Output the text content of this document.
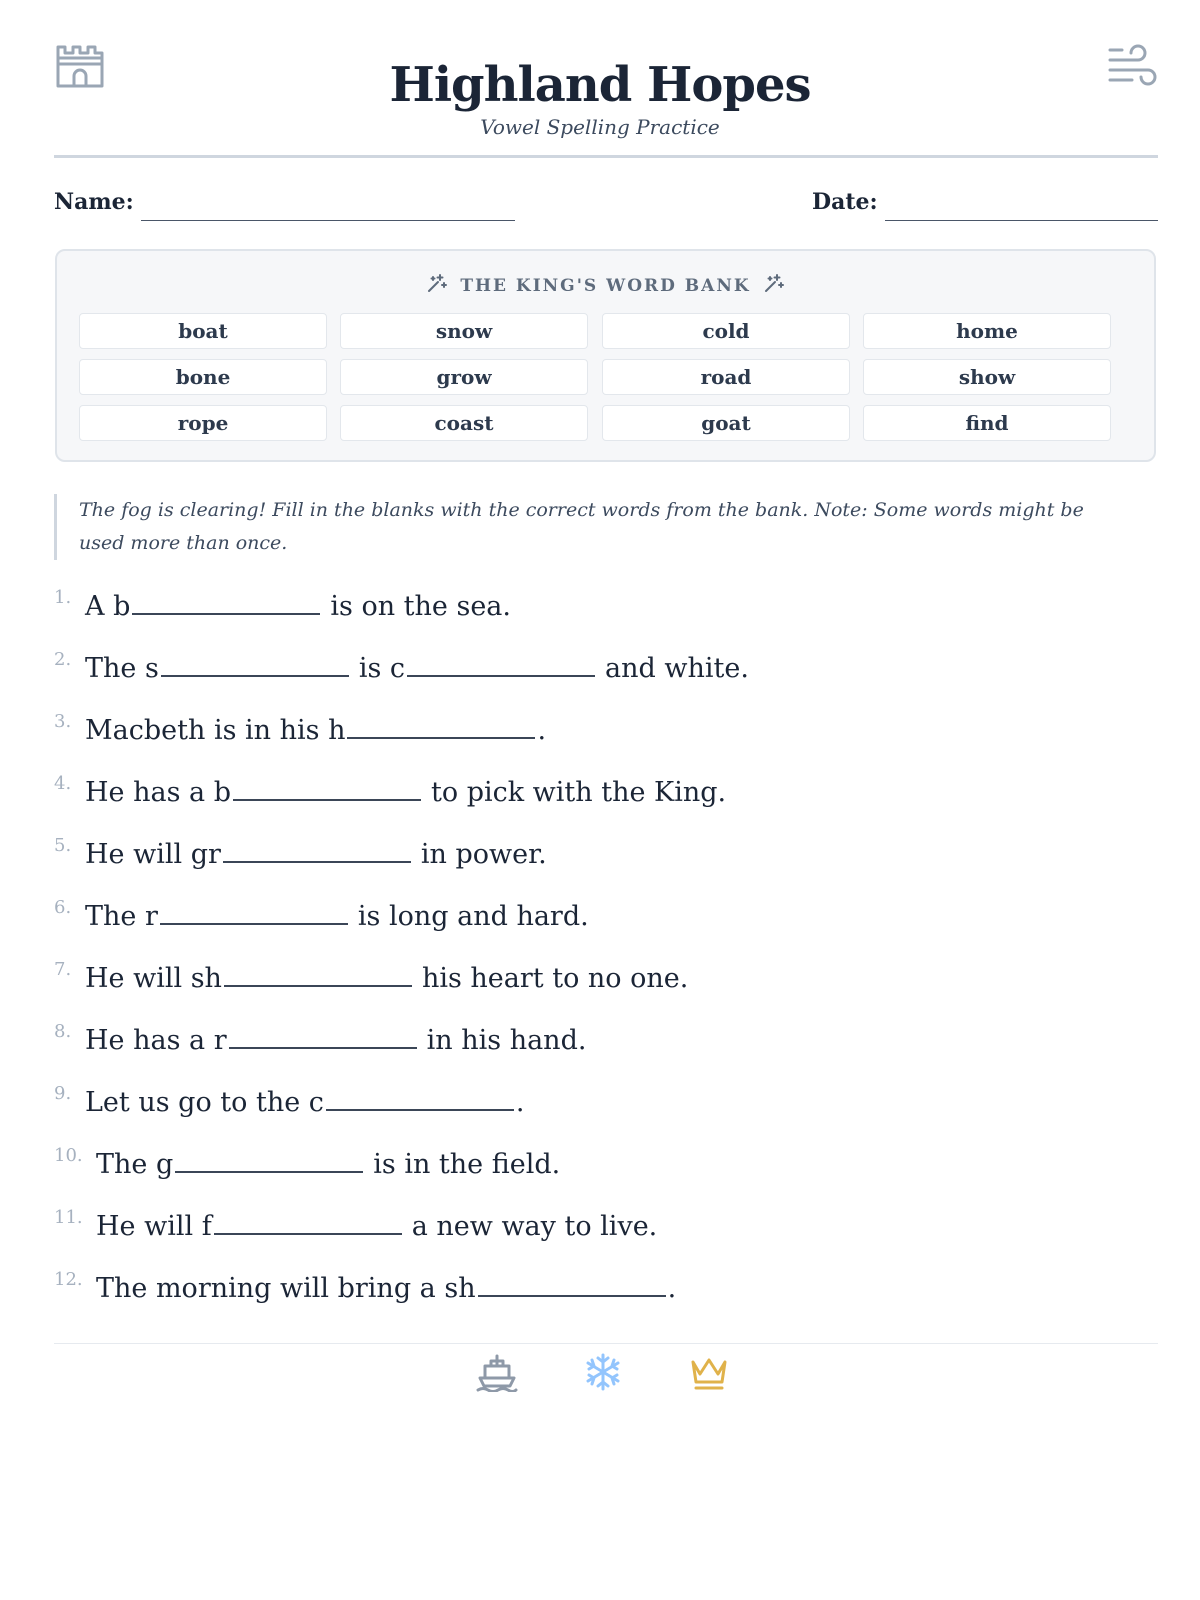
Highland Hopes
Vowel Spelling Practice
Name:	Date:
THE KING'S WORD BANK
boat	snow	cold	home
bone	grow	road	show
rope	coast	goat	find
The fog is clearing! Fill in the blanks with the correct words from the bank. Note: Some words might be used more than once.
1. A b	is on the sea.
2. The s	is c	and white.
3. Macbeth is in his h	.
4. He has a b	to pick with the King.
5. He will gr	in power.
6. The r	is long and hard.
7. He will sh	his heart to no one.
8. He has a r	in his hand.
9. Let us go to the c	.
10. The g	is in the field.
11. He will f	a new way to live.
12. The morning will bring a sh	.
